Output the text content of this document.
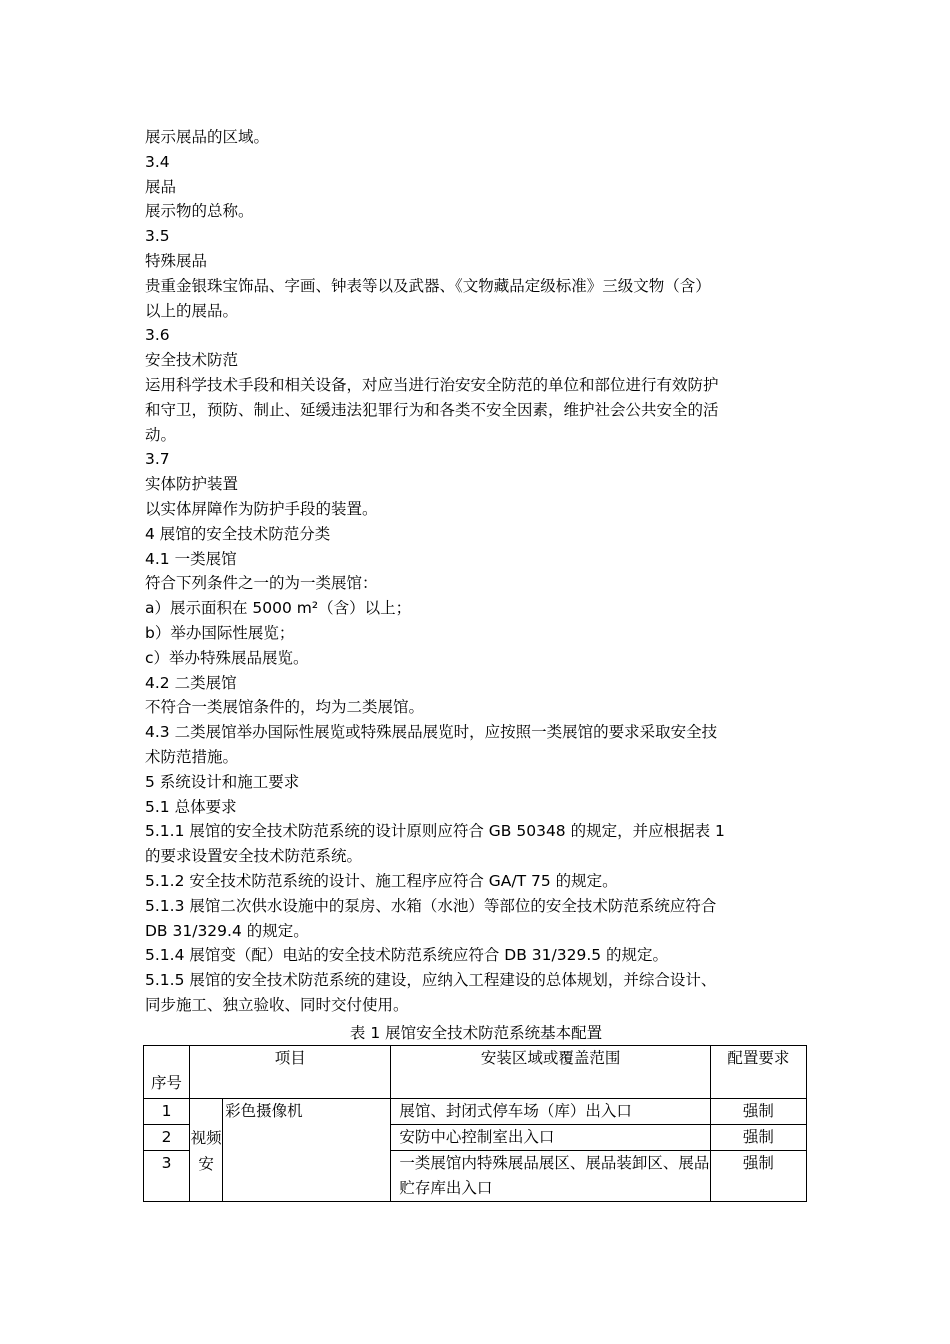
展示展品的区域。
3.4
展品
展示物的总称。
3.5
特殊展品
贵重金银珠宝饰品、字画、钟表等以及武器、《文物藏品定级标准》三级文物（含）
以上的展品。
3.6
安全技术防范
运用科学技术手段和相关设备，对应当进行治安安全防范的单位和部位进行有效防护
和守卫，预防、制止、延缓违法犯罪行为和各类不安全因素，维护社会公共安全的活
动。
3.7
实体防护装置
以实体屏障作为防护手段的装置。
4 展馆的安全技术防范分类
4.1 一类展馆
符合下列条件之一的为一类展馆：
a）展示面积在 5000 m²（含）以上；
b）举办国际性展览；
c）举办特殊展品展览。
4.2 二类展馆
不符合一类展馆条件的，均为二类展馆。
4.3 二类展馆举办国际性展览或特殊展品展览时，应按照一类展馆的要求采取安全技
术防范措施。
5 系统设计和施工要求
5.1 总体要求
5.1.1 展馆的安全技术防范系统的设计原则应符合 GB 50348 的规定，并应根据表 1
的要求设置安全技术防范系统。
5.1.2 安全技术防范系统的设计、施工程序应符合 GA/T 75 的规定。
5.1.3 展馆二次供水设施中的泵房、水箱（水池）等部位的安全技术防范系统应符合
DB 31/329.4 的规定。
5.1.4 展馆变（配）电站的安全技术防范系统应符合 DB 31/329.5 的规定。
5.1.5 展馆的安全技术防范系统的建设，应纳入工程建设的总体规划，并综合设计、
同步施工、独立验收、同时交付使用。
表 1 展馆安全技术防范系统基本配置
序号	项目		安装区域或覆盖范围	配置要求
1	视频安	彩色摄像机	展馆、封闭式停车场（库）出入口	强制
2			安防中心控制室出入口	强制
3			一类展馆内特殊展品展区、展品装卸区、展品贮存库出入口	强制
